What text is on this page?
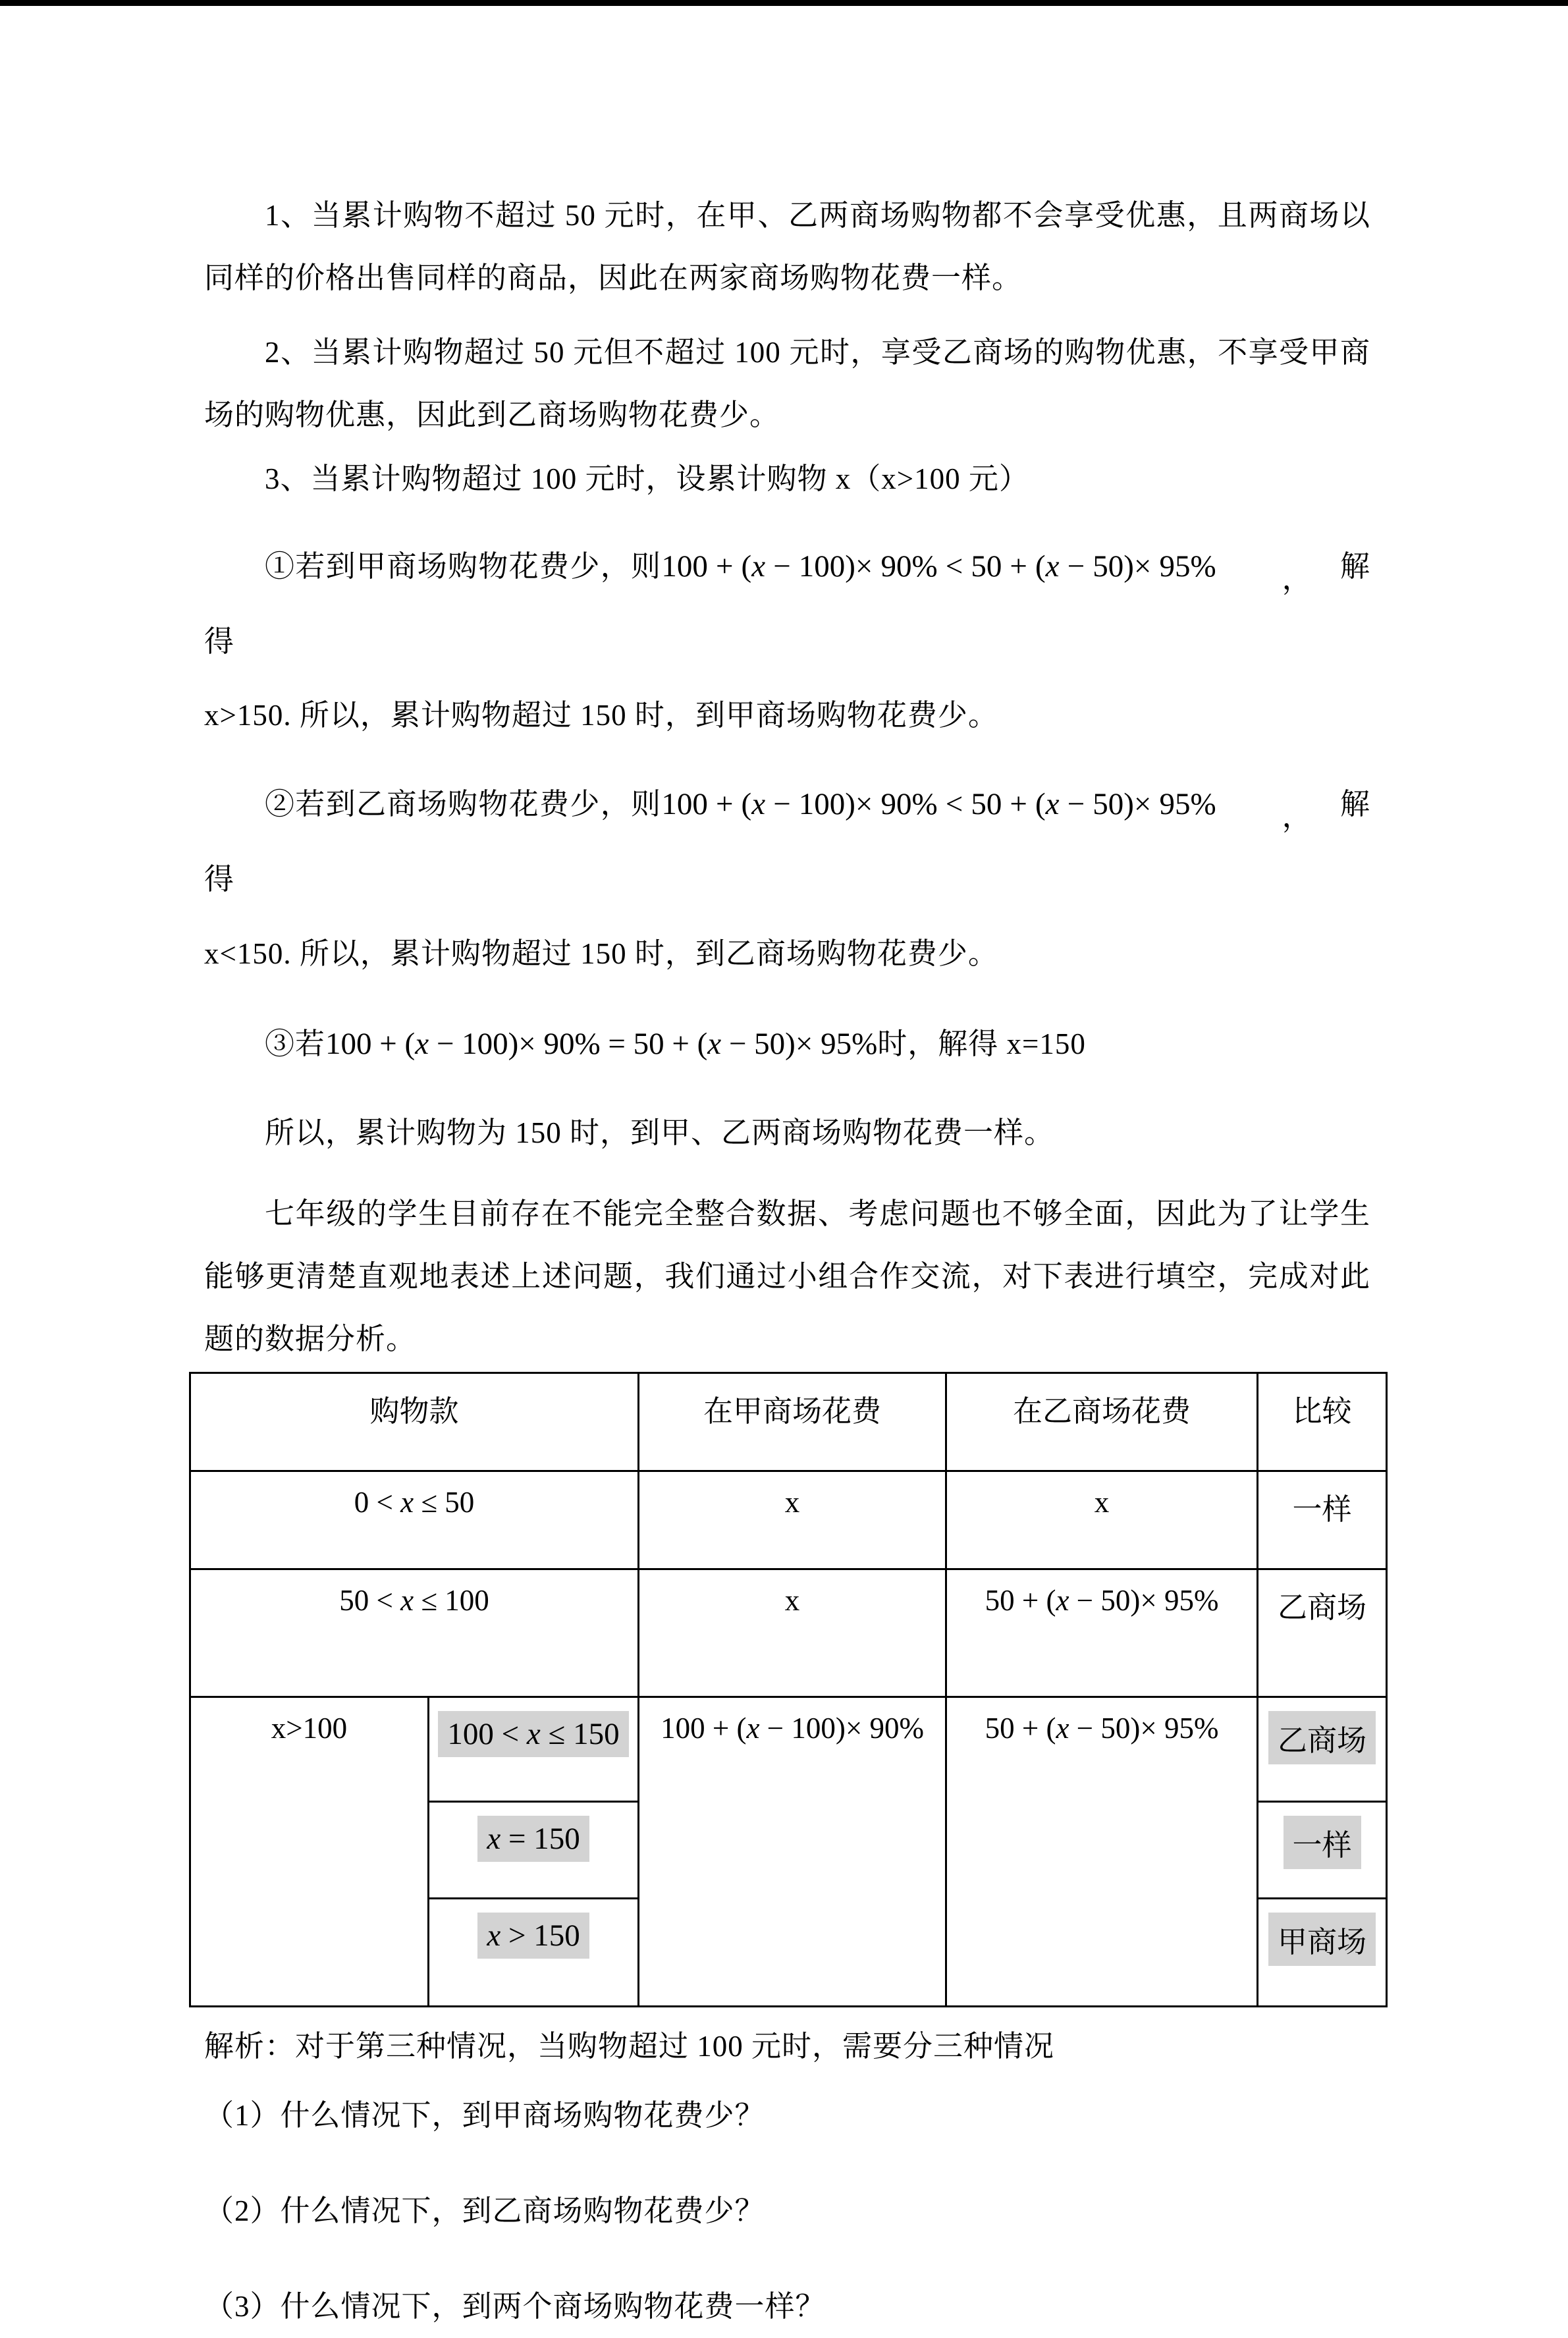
1、当累计购物不超过 50 元时，在甲、乙两商场购物都不会享受优惠，且两商场以同样的价格出售同样的商品，因此在两家商场购物花费一样。

2、当累计购物超过 50 元但不超过 100 元时，享受乙商场的购物优惠，不享受甲商场的购物优惠，因此到乙商场购物花费少。

3、当累计购物超过 100 元时，设累计购物 x（x>100 元）

①若到甲商场购物花费少，则100 + (x − 100)× 90% < 50 + (x − 50)× 95% ， 解得

x>150. 所以，累计购物超过 150 时，到甲商场购物花费少。

②若到乙商场购物花费少，则100 + (x − 100)× 90% < 50 + (x − 50)× 95% ， 解得

x<150. 所以，累计购物超过 150 时，到乙商场购物花费少。

③若100 + (x − 100)× 90% = 50 + (x − 50)× 95%时，解得 x=150

所以，累计购物为 150 时，到甲、乙两商场购物花费一样。

七年级的学生目前存在不能完全整合数据、考虑问题也不够全面，因此为了让学生能够更清楚直观地表述上述问题，我们通过小组合作交流，对下表进行填空，完成对此题的数据分析。

购物款		在甲商场花费	在乙商场花费	比较
0 < x ≤ 50		x	x	一样
50 < x ≤ 100		x	50 + (x − 50)× 95%	乙商场
x>100	100 < x ≤ 150	100 + (x − 100)× 90%	50 + (x − 50)× 95%	乙商场
	x = 150			一样
	x > 150			甲商场

解析：对于第三种情况，当购物超过 100 元时，需要分三种情况

（1）什么情况下，到甲商场购物花费少？

（2）什么情况下，到乙商场购物花费少？

（3）什么情况下，到两个商场购物花费一样？
